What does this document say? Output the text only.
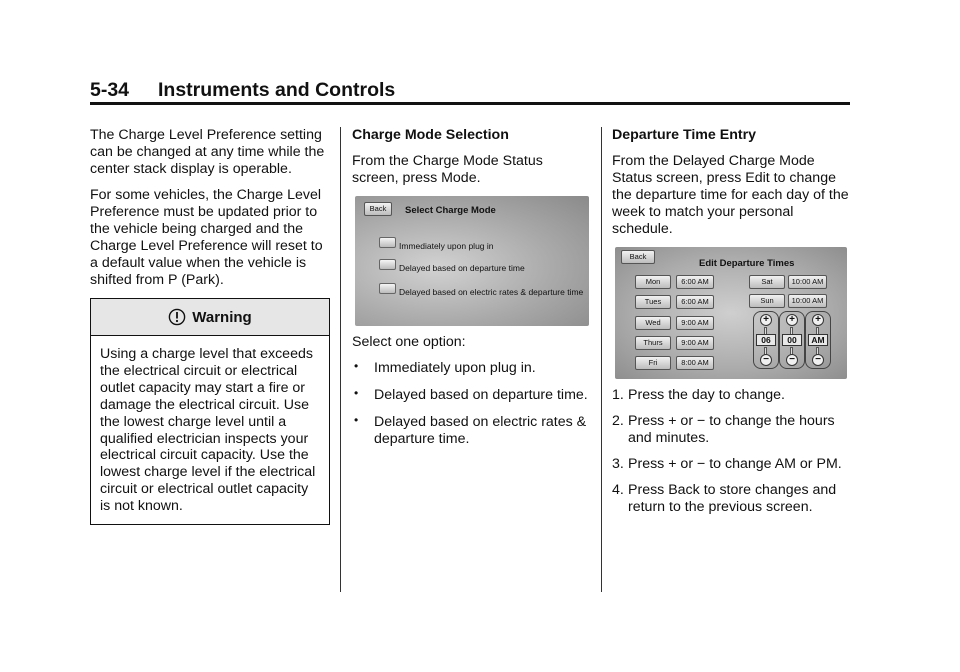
5-34 Instruments and Controls

The Charge Level Preference setting can be changed at any time while the center stack display is operable.

For some vehicles, the Charge Level Preference must be updated prior to the vehicle being charged and the Charge Level Preference will reset to a default value when the vehicle is shifted from P (Park).

Warning
Using a charge level that exceeds the electrical circuit or electrical outlet capacity may start a fire or damage the electrical circuit. Use the lowest charge level until a qualified electrician inspects your electrical circuit capacity. Use the lowest charge level if the electrical circuit or electrical outlet capacity is not known.
Charge Mode Selection

From the Charge Mode Status screen, press Mode.

Back	Select Charge Mode
Immediately upon plug in
Delayed based on departure time
Delayed based on electric rates & departure time

Select one option:

• Immediately upon plug in.
• Delayed based on departure time.
• Delayed based on electric rates & departure time.
Departure Time Entry

From the Delayed Charge Mode Status screen, press Edit to change the departure time for each day of the week to match your personal schedule.

Back
Edit Departure Times
Mon	6:00 AM
Tues	6:00 AM
Wed	9:00 AM
Thurs	9:00 AM
Fri	8:00 AM
Sat	10:00 AM
Sun	10:00 AM
+
06
−
+
00
−
+
AM
−
1. Press the day to change.
2. Press + or − to change the hours and minutes.
3. Press + or − to change AM or PM.
4. Press Back to store changes and return to the previous screen.
